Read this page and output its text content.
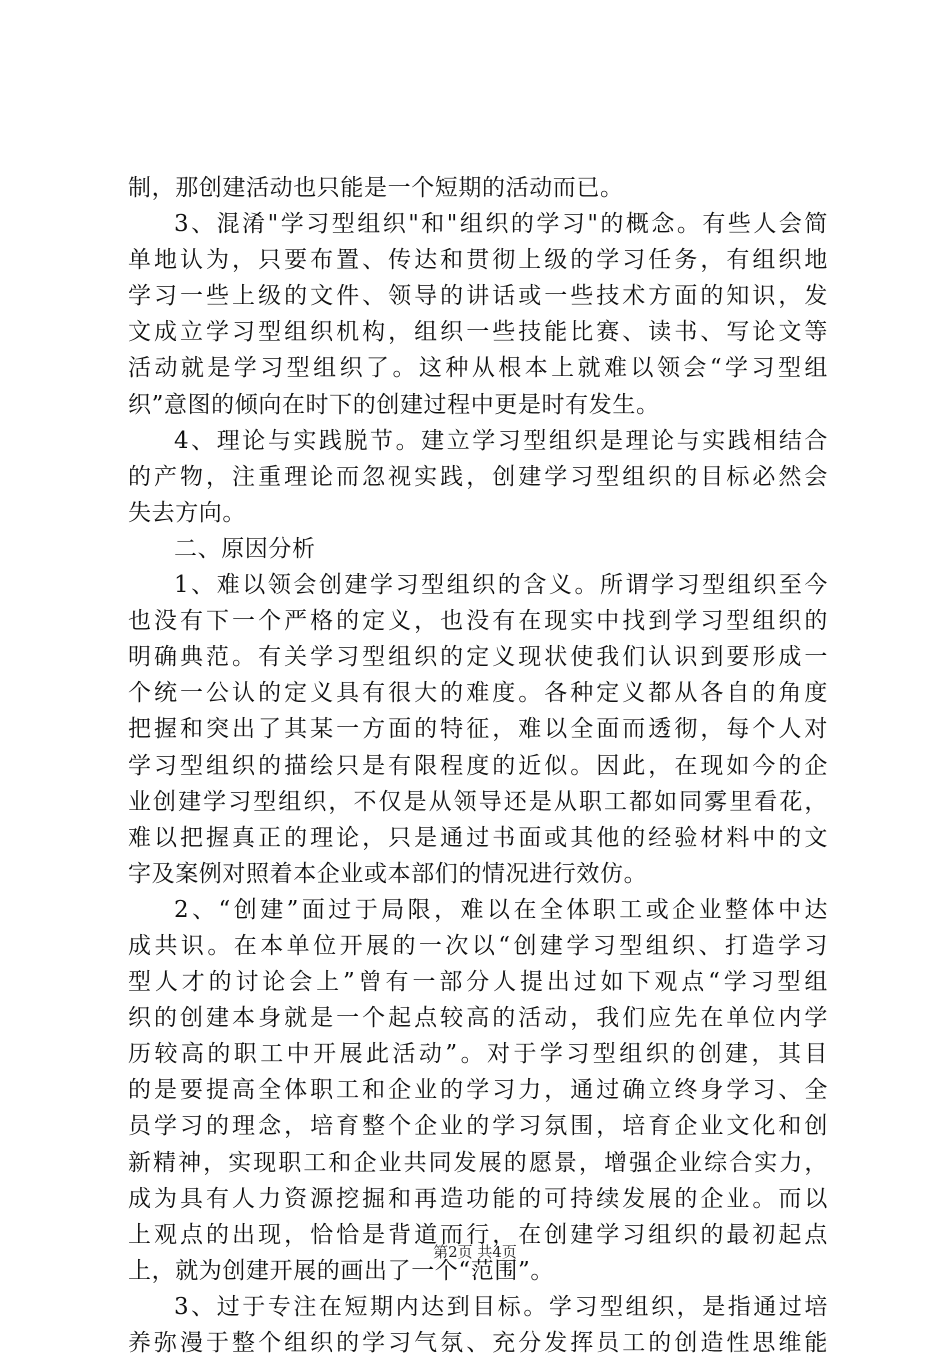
制，那创建活动也只能是一个短期的活动而已。
3、混淆"学习型组织"和"组织的学习"的概念。有些人会简
单地认为，只要布置、传达和贯彻上级的学习任务，有组织地
学习一些上级的文件、领导的讲话或一些技术方面的知识，发
文成立学习型组织机构，组织一些技能比赛、读书、写论文等
活动就是学习型组织了。这种从根本上就难以领会“学习型组
织”意图的倾向在时下的创建过程中更是时有发生。
4、理论与实践脱节。建立学习型组织是理论与实践相结合
的产物，注重理论而忽视实践，创建学习型组织的目标必然会
失去方向。
二、原因分析
1、难以领会创建学习型组织的含义。所谓学习型组织至今
也没有下一个严格的定义，也没有在现实中找到学习型组织的
明确典范。有关学习型组织的定义现状使我们认识到要形成一
个统一公认的定义具有很大的难度。各种定义都从各自的角度
把握和突出了其某一方面的特征，难以全面而透彻，每个人对
学习型组织的描绘只是有限程度的近似。因此，在现如今的企
业创建学习型组织，不仅是从领导还是从职工都如同雾里看花，
难以把握真正的理论，只是通过书面或其他的经验材料中的文
字及案例对照着本企业或本部们的情况进行效仿。
2、“创建”面过于局限，难以在全体职工或企业整体中达
成共识。在本单位开展的一次以“创建学习型组织、打造学习
型人才的讨论会上”曾有一部分人提出过如下观点“学习型组
织的创建本身就是一个起点较高的活动，我们应先在单位内学
历较高的职工中开展此活动”。对于学习型组织的创建，其目
的是要提高全体职工和企业的学习力，通过确立终身学习、全
员学习的理念，培育整个企业的学习氛围，培育企业文化和创
新精神，实现职工和企业共同发展的愿景，增强企业综合实力，
成为具有人力资源挖掘和再造功能的可持续发展的企业。而以
上观点的出现，恰恰是背道而行，在创建学习组织的最初起点
上，就为创建开展的画出了一个“范围”。
3、过于专注在短期内达到目标。学习型组织，是指通过培
养弥漫于整个组织的学习气氛、充分发挥员工的创造性思维能
第2页 共4页
